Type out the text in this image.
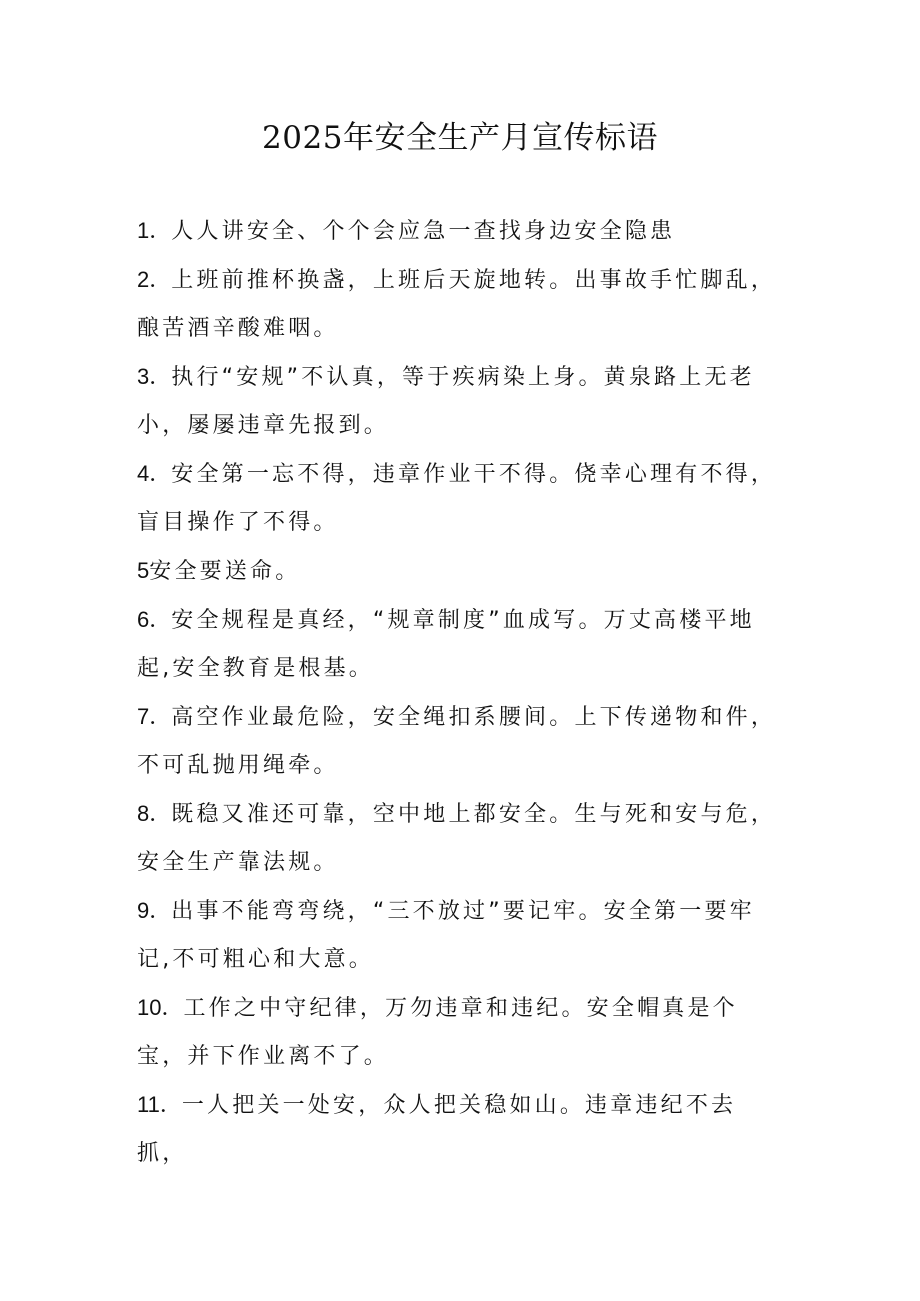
2025年安全生产月宣传标语
1．人人讲安全、个个会应急一查找身边安全隐患
2．上班前推杯换盏，上班后天旋地转。出事故手忙脚乱，酿苦酒辛酸难咽。
3．执行“安规”不认真，等于疾病染上身。黄泉路上无老小，屡屡违章先报到。
4．安全第一忘不得，违章作业干不得。侥幸心理有不得，盲目操作了不得。
5安全要送命。
6．安全规程是真经，“规章制度”血成写。万丈高楼平地起,安全教育是根基。
7．高空作业最危险，安全绳扣系腰间。上下传递物和件，不可乱抛用绳牵。
8．既稳又准还可靠，空中地上都安全。生与死和安与危，安全生产靠法规。
9．出事不能弯弯绕，“三不放过”要记牢。安全第一要牢记,不可粗心和大意。
10．工作之中守纪律，万勿违章和违纪。安全帽真是个宝，并下作业离不了。
11．一人把关一处安，众人把关稳如山。违章违纪不去抓，
